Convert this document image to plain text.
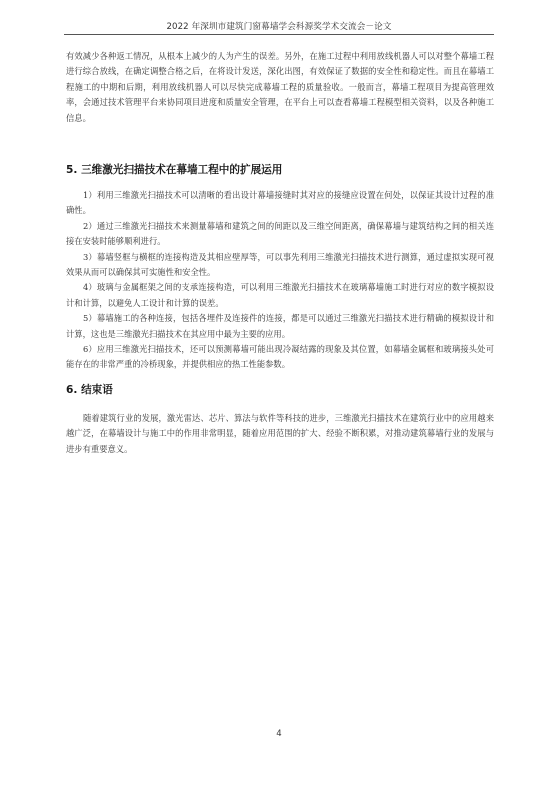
2022 年深圳市建筑门窗幕墙学会科源奖学术交流会－论文

有效减少各种返工情况，从根本上减少的人为产生的误差。另外，在施工过程中利用放线机器人可以对整个幕墙工程进行综合放线，在确定调整合格之后，在将设计发送，深化出图，有效保证了数据的安全性和稳定性。而且在幕墙工程施工的中期和后期，利用放线机器人可以尽快完成幕墙工程的质量验收。一般而言，幕墙工程项目为提高管理效率，会通过技术管理平台来协同项目进度和质量安全管理，在平台上可以查看幕墙工程模型相关资料，以及各种施工信息。

5. 三维激光扫描技术在幕墙工程中的扩展运用

1）利用三维激光扫描技术可以清晰的看出设计幕墙接缝时其对应的接缝应设置在何处，以保证其设计过程的准确性。

2）通过三维激光扫描技术来测量幕墙和建筑之间的间距以及三维空间距离，确保幕墙与建筑结构之间的相关连接在安装时能够顺利进行。

3）幕墙竖框与横框的连接构造及其相应壁厚等，可以事先利用三维激光扫描技术进行测算，通过虚拟实现可视效果从而可以确保其可实施性和安全性。

4）玻璃与金属框架之间的支承连接构造，可以利用三维激光扫描技术在玻璃幕墙施工时进行对应的数字模拟设计和计算，以避免人工设计和计算的误差。

5）幕墙施工的各种连接，包括各埋件及连接件的连接，都是可以通过三维激光扫描技术进行精确的模拟设计和计算，这也是三维激光扫描技术在其应用中最为主要的应用。

6）应用三维激光扫描技术，还可以预测幕墙可能出现冷凝结露的现象及其位置，如幕墙金属框和玻璃接头处可能存在的非常严重的冷桥现象，并提供相应的热工性能参数。

6. 结束语

随着建筑行业的发展，激光雷达、芯片、算法与软件等科技的进步，三维激光扫描技术在建筑行业中的应用越来越广泛，在幕墙设计与施工中的作用非常明显，随着应用范围的扩大、经验不断积累，对推动建筑幕墙行业的发展与进步有重要意义。

4
